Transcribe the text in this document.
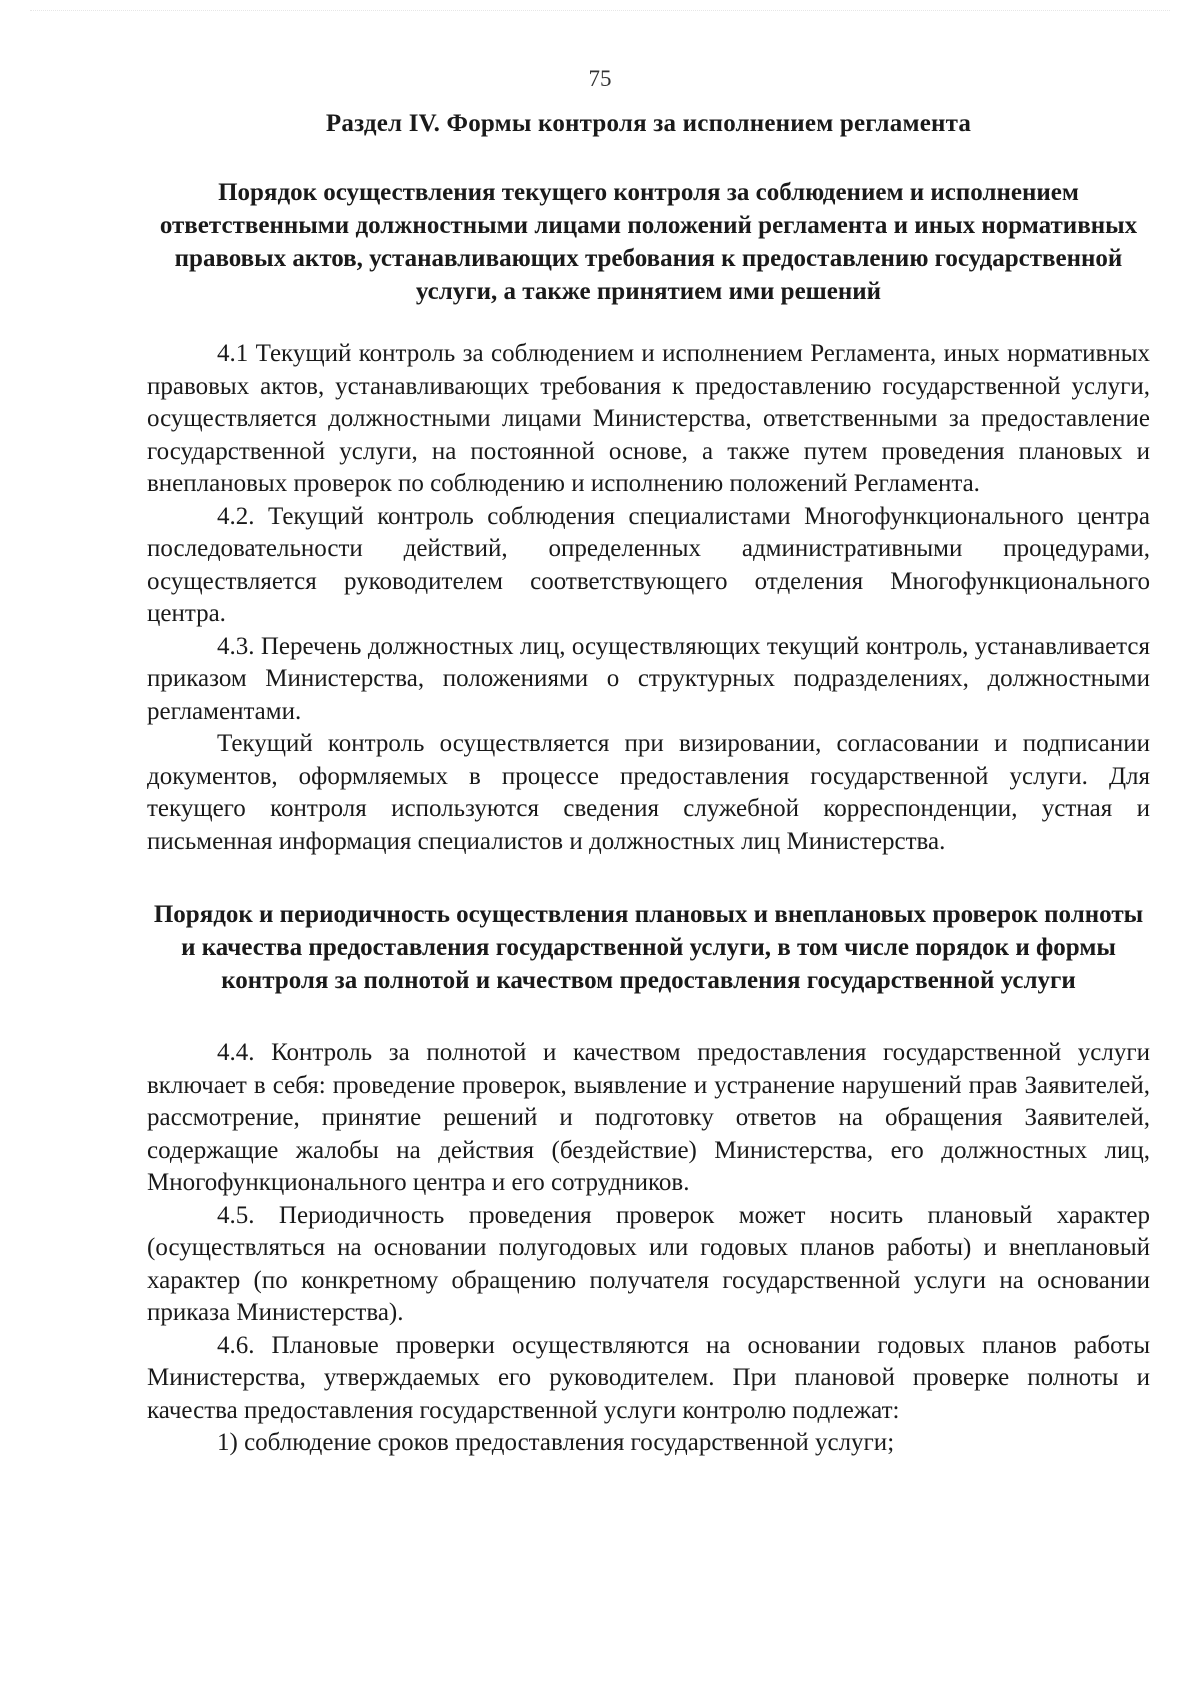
75
Раздел IV. Формы контроля за исполнением регламента
Порядок осуществления текущего контроля за соблюдением и исполнением ответственными должностными лицами положений регламента и иных нормативных правовых актов, устанавливающих требования к предоставлению государственной услуги, а также принятием ими решений

4.1 Текущий контроль за соблюдением и исполнением Регламента, иных нормативных правовых актов, устанавливающих требования к предоставлению государственной услуги, осуществляется должностными лицами Министерства, ответственными за предоставление государственной услуги, на постоянной основе, а также путем проведения плановых и внеплановых проверок по соблюдению и исполнению положений Регламента.

4.2. Текущий контроль соблюдения специалистами Многофункционального центра последовательности действий, определенных административными процедурами, осуществляется руководителем соответствующего отделения Многофункционального центра.

4.3. Перечень должностных лиц, осуществляющих текущий контроль, устанавливается приказом Министерства, положениями о структурных подразделениях, должностными регламентами.

Текущий контроль осуществляется при визировании, согласовании и подписании документов, оформляемых в процессе предоставления государственной услуги. Для текущего контроля используются сведения служебной корреспонденции, устная и письменная информация специалистов и должностных лиц Министерства.

Порядок и периодичность осуществления плановых и внеплановых проверок полноты и качества предоставления государственной услуги, в том числе порядок и формы контроля за полнотой и качеством предоставления государственной услуги

4.4. Контроль за полнотой и качеством предоставления государственной услуги включает в себя: проведение проверок, выявление и устранение нарушений прав Заявителей, рассмотрение, принятие решений и подготовку ответов на обращения Заявителей, содержащие жалобы на действия (бездействие) Министерства, его должностных лиц, Многофункционального центра и его сотрудников.

4.5. Периодичность проведения проверок может носить плановый характер (осуществляться на основании полугодовых или годовых планов работы) и внеплановый характер (по конкретному обращению получателя государственной услуги на основании приказа Министерства).

4.6. Плановые проверки осуществляются на основании годовых планов работы Министерства, утверждаемых его руководителем. При плановой проверке полноты и качества предоставления государственной услуги контролю подлежат:

1) соблюдение сроков предоставления государственной услуги;
